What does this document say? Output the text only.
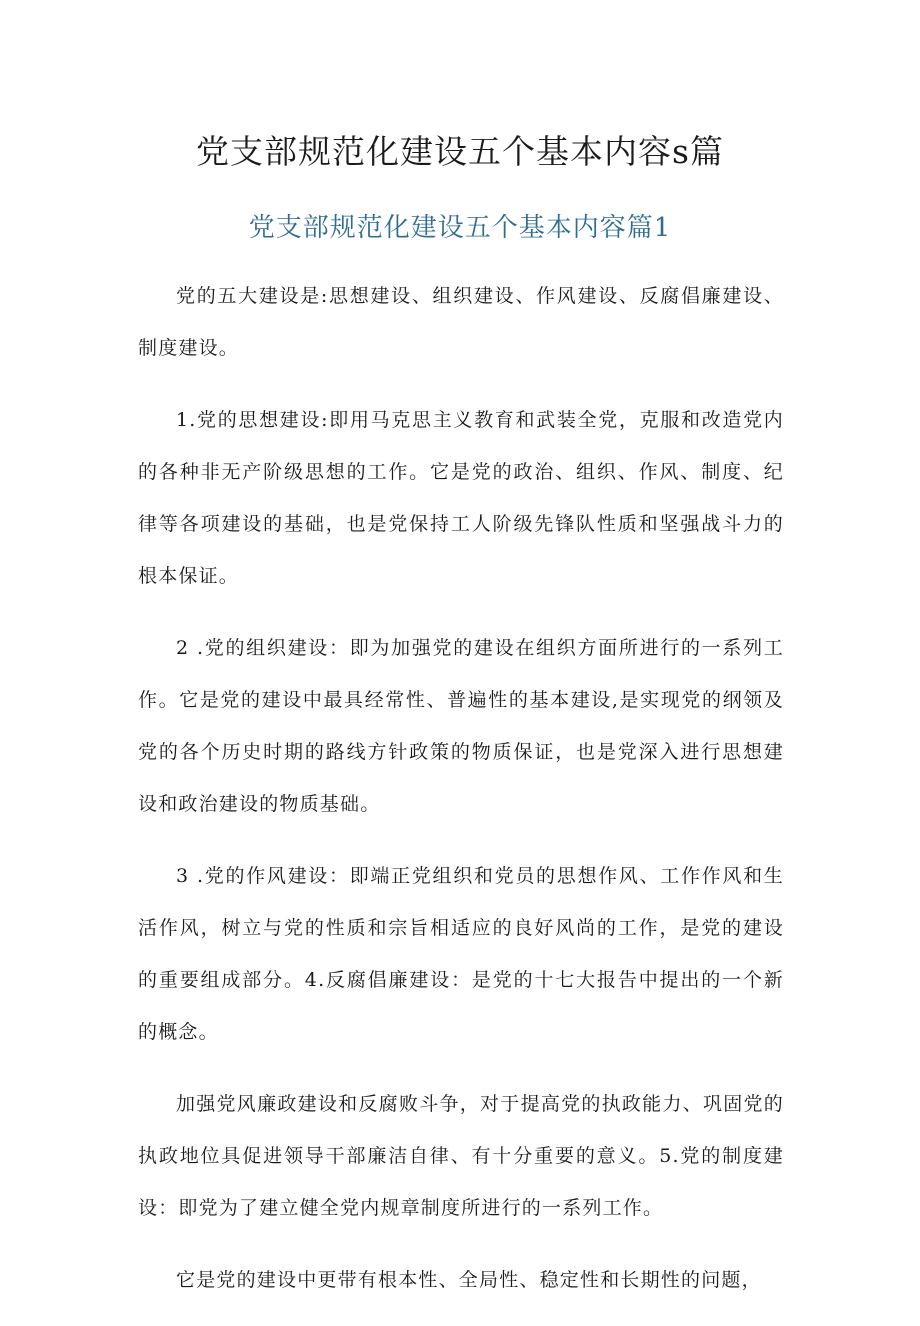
党支部规范化建设五个基本内容s篇
党支部规范化建设五个基本内容篇1

党的五大建设是:思想建设、组织建设、作风建设、反腐倡廉建设、制度建设。

1.党的思想建设:即用马克思主义教育和武装全党，克服和改造党内的各种非无产阶级思想的工作。它是党的政治、组织、作风、制度、纪律等各项建设的基础，也是党保持工人阶级先锋队性质和坚强战斗力的根本保证。

2 .党的组织建设：即为加强党的建设在组织方面所进行的一系列工作。它是党的建设中最具经常性、普遍性的基本建设,是实现党的纲领及党的各个历史时期的路线方针政策的物质保证，也是党深入进行思想建设和政治建设的物质基础。

3 .党的作风建设：即端正党组织和党员的思想作风、工作作风和生活作风，树立与党的性质和宗旨相适应的良好风尚的工作，是党的建设的重要组成部分。4.反腐倡廉建设：是党的十七大报告中提出的一个新的概念。

加强党风廉政建设和反腐败斗争，对于提高党的执政能力、巩固党的执政地位具促进领导干部廉洁自律、有十分重要的意义。5.党的制度建设：即党为了建立健全党内规章制度所进行的一系列工作。

它是党的建设中更带有根本性、全局性、稳定性和长期性的问题，
